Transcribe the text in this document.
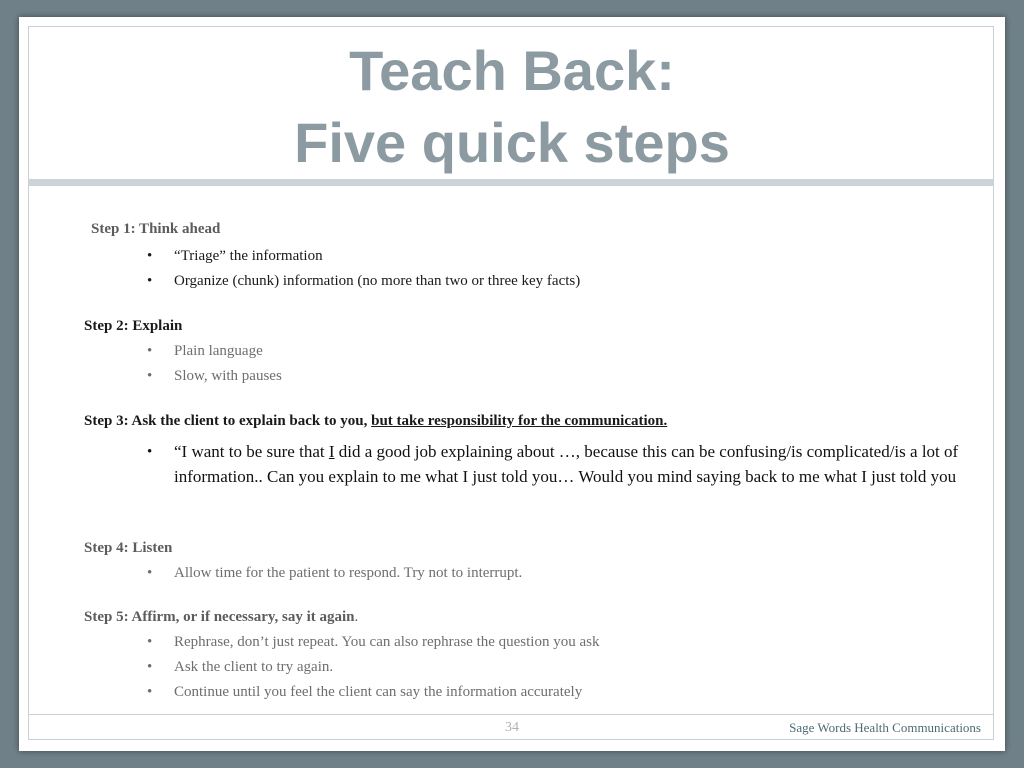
Teach Back:
Five quick steps
Step 1: Think ahead
• “Triage” the information
• Organize (chunk) information (no more than two or three key facts)
Step 2: Explain
• Plain language
• Slow, with pauses
Step 3: Ask the client to explain back to you, but take responsibility for the communication.
• “I want to be sure that I did a good job explaining about …, because this can be confusing/is complicated/is a lot of information.. Can you explain to me what I just told you… Would you mind saying back to me what I just told you
Step 4: Listen
• Allow time for the patient to respond. Try not to interrupt.
Step 5: Affirm, or if necessary, say it again.
• Rephrase, don’t just repeat. You can also rephrase the question you ask
• Ask the client to try again.
• Continue until you feel the client can say the information accurately
34	Sage Words Health Communications
